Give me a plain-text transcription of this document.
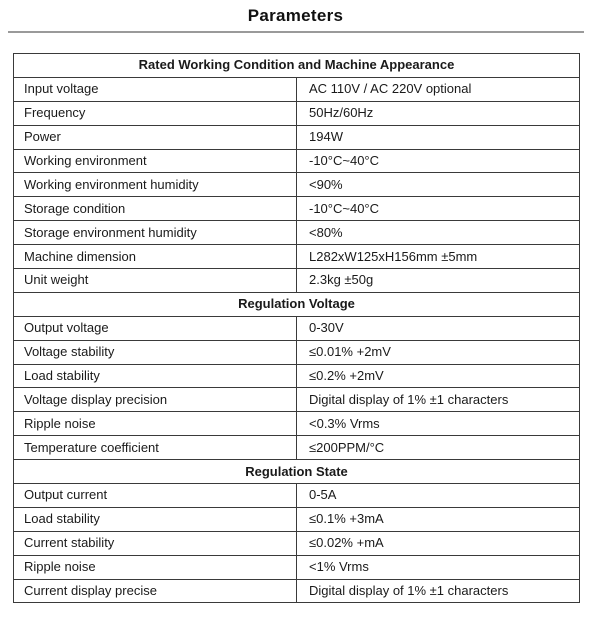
Parameters
Rated Working Condition and Machine Appearance	
Input voltage	AC 110V / AC 220V optional
Frequency	50Hz/60Hz
Power	194W
Working environment	-10°C~40°C
Working environment humidity	<90%
Storage condition	-10°C~40°C
Storage environment humidity	<80%
Machine dimension	L282xW125xH156mm ±5mm
Unit weight	2.3kg ±50g
Regulation Voltage	
Output voltage	0-30V
Voltage stability	≤0.01% +2mV
Load stability	≤0.2% +2mV
Voltage display precision	Digital display of 1% ±1 characters
Ripple noise	<0.3% Vrms
Temperature coefficient	≤200PPM/°C
Regulation State	
Output current	0-5A
Load stability	≤0.1% +3mA
Current stability	≤0.02% +mA
Ripple noise	<1% Vrms
Current display precise	Digital display of 1% ±1 characters
